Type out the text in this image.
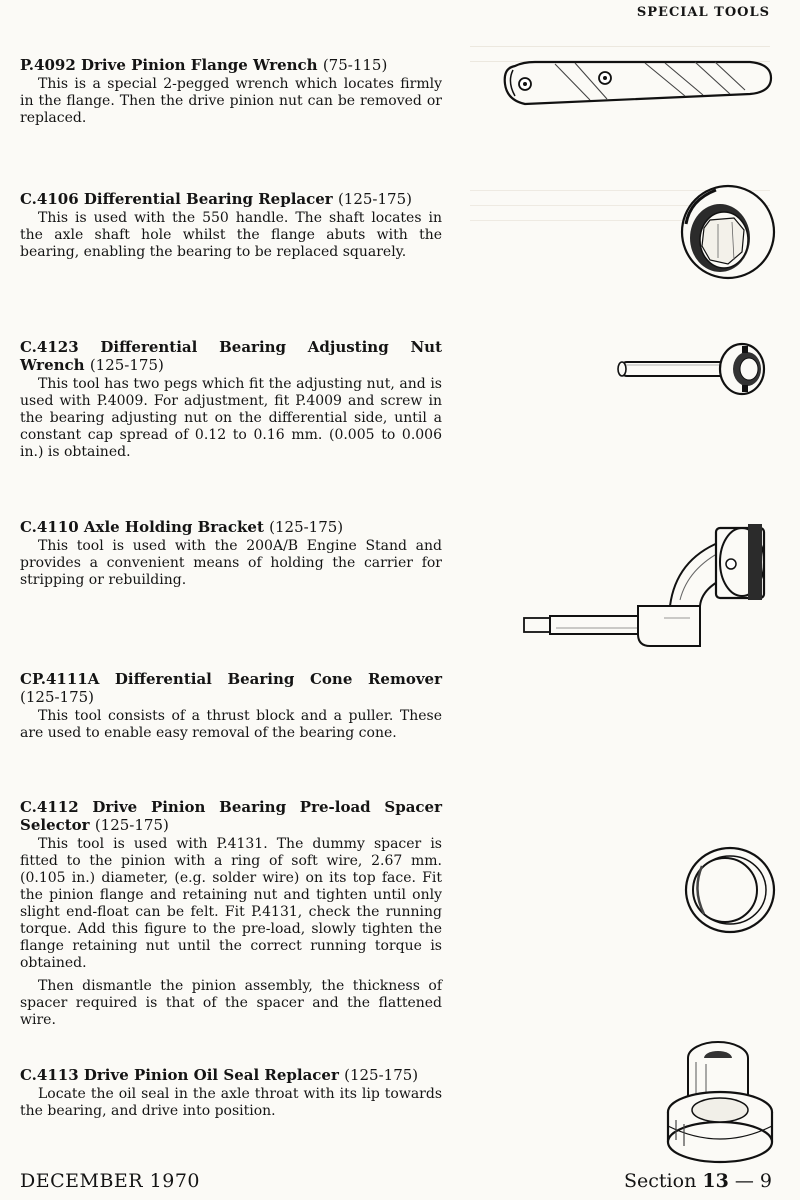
SPECIAL TOOLS
P.4092 Drive Pinion Flange Wrench (75-115)

This is a special 2-pegged wrench which locates firmly in the flange. Then the drive pinion nut can be removed or replaced.

C.4106 Differential Bearing Replacer (125-175)

This is used with the 550 handle. The shaft locates in the axle shaft hole whilst the flange abuts with the bearing, enabling the bearing to be replaced squarely.

C.4123 Differential Bearing Adjusting Nut Wrench (125-175)

This tool has two pegs which fit the adjusting nut, and is used with P.4009. For adjustment, fit P.4009 and screw in the bearing adjusting nut on the differential side, until a constant cap spread of 0.12 to 0.16 mm. (0.005 to 0.006 in.) is obtained.

C.4110 Axle Holding Bracket (125-175)

This tool is used with the 200A/B Engine Stand and provides a convenient means of holding the carrier for stripping or rebuilding.

CP.4111A Differential Bearing Cone Remover (125-175)

This tool consists of a thrust block and a puller. These are used to enable easy removal of the bearing cone.

C.4112 Drive Pinion Bearing Pre-load Spacer Selector (125-175)

This tool is used with P.4131. The dummy spacer is fitted to the pinion with a ring of soft wire, 2.67 mm. (0.105 in.) diameter, (e.g. solder wire) on its top face. Fit the pinion flange and retaining nut and tighten until only slight end-float can be felt. Fit P.4131, check the running torque. Add this figure to the pre-load, slowly tighten the flange retaining nut until the correct running torque is obtained.

Then dismantle the pinion assembly, the thickness of spacer required is that of the spacer and the flattened wire.

C.4113 Drive Pinion Oil Seal Replacer (125-175)

Locate the oil seal in the axle throat with its lip towards the bearing, and drive into position.

DECEMBER 1970	Section 13 — 9
